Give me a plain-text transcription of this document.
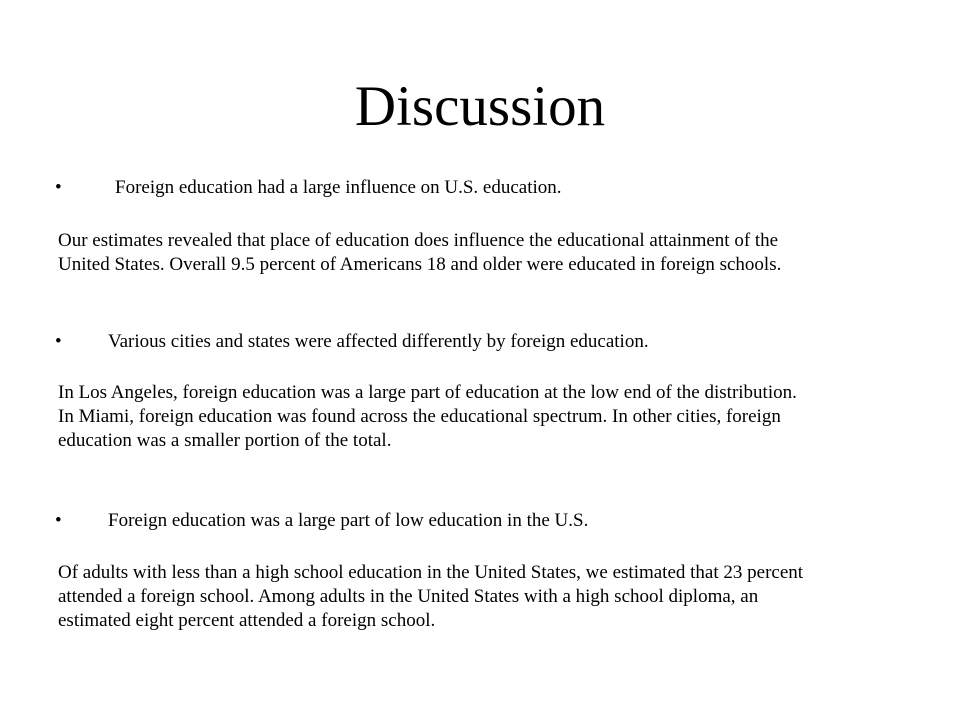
Discussion
•	Foreign education had a large influence on U.S. education.
Our estimates revealed that place of education does influence the educational attainment of the
United States. Overall 9.5 percent of Americans 18 and older were educated in foreign schools.
• Various cities and states were affected differently by foreign education.
In Los Angeles, foreign education was a large part of education at the low end of the distribution.
In Miami, foreign education was found across the educational spectrum. In other cities, foreign
education was a smaller portion of the total.
• Foreign education was a large part of low education in the U.S.
Of adults with less than a high school education in the United States, we estimated that 23 percent
attended a foreign school. Among adults in the United States with a high school diploma, an
estimated eight percent attended a foreign school.
